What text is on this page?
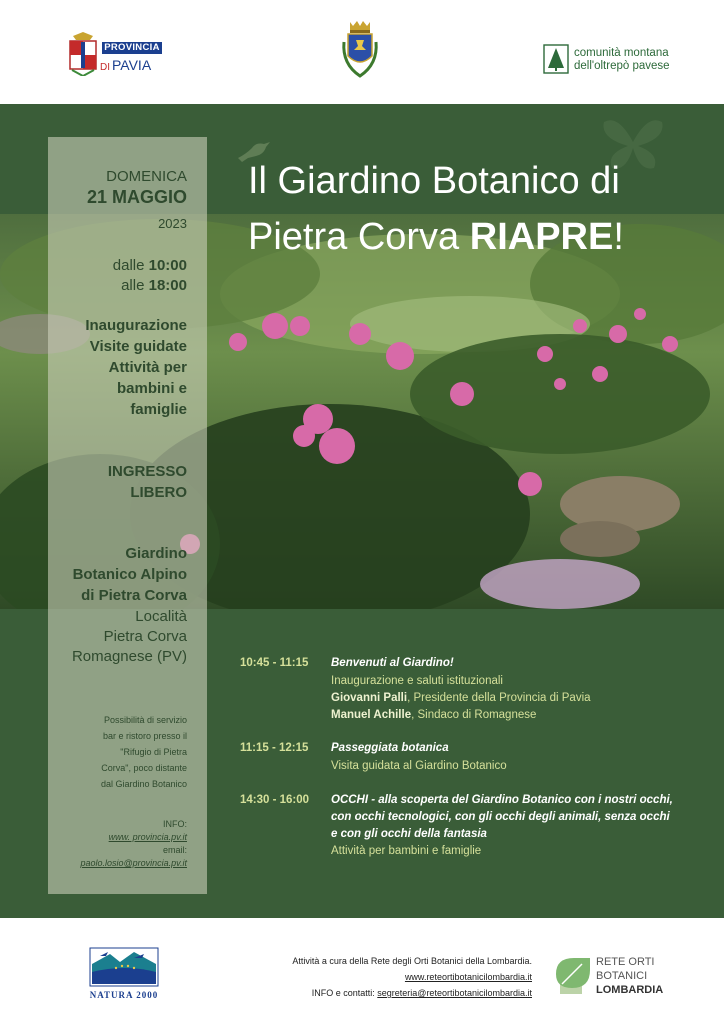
PROVINCIA
DI PAVIA
comunità montana
dell'oltrepò pavese
Il Giardino Botanico di
Pietra Corva RIAPRE!
DOMENICA
21 MAGGIO
2023
dalle 10:00
alle 18:00
Inaugurazione
Visite guidate
Attività per
bambini e
famiglie
INGRESSO
LIBERO
Giardino
Botanico Alpino
di Pietra Corva
Località
Pietra Corva
Romagnese (PV)
Possibilità di servizio
bar e ristoro presso il
"Rifugio di Pietra
Corva", poco distante
dal Giardino Botanico
INFO:
www. provincia.pv.it
email:
paolo.losio@provincia.pv.it
10:45 - 11:15 Benvenuti al Giardino!
Inaugurazione e saluti istituzionali
Giovanni Palli, Presidente della Provincia di Pavia
Manuel Achille, Sindaco di Romagnese
11:15 - 12:15 Passeggiata botanica
Visita guidata al Giardino Botanico
14:30 - 16:00 OCCHI - alla scoperta del Giardino Botanico con i nostri occhi,
con occhi tecnologici, con gli occhi degli animali, senza occhi
e con gli occhi della fantasia
Attività per bambini e famiglie
NATURA 2000
Attività a cura della Rete degli Orti Botanici della Lombardia.
www.reteortibotanicilombardia.it
INFO e contatti: segreteria@reteortibotanicilombardia.it
RETE ORTI
BOTANICI
LOMBARDIA
